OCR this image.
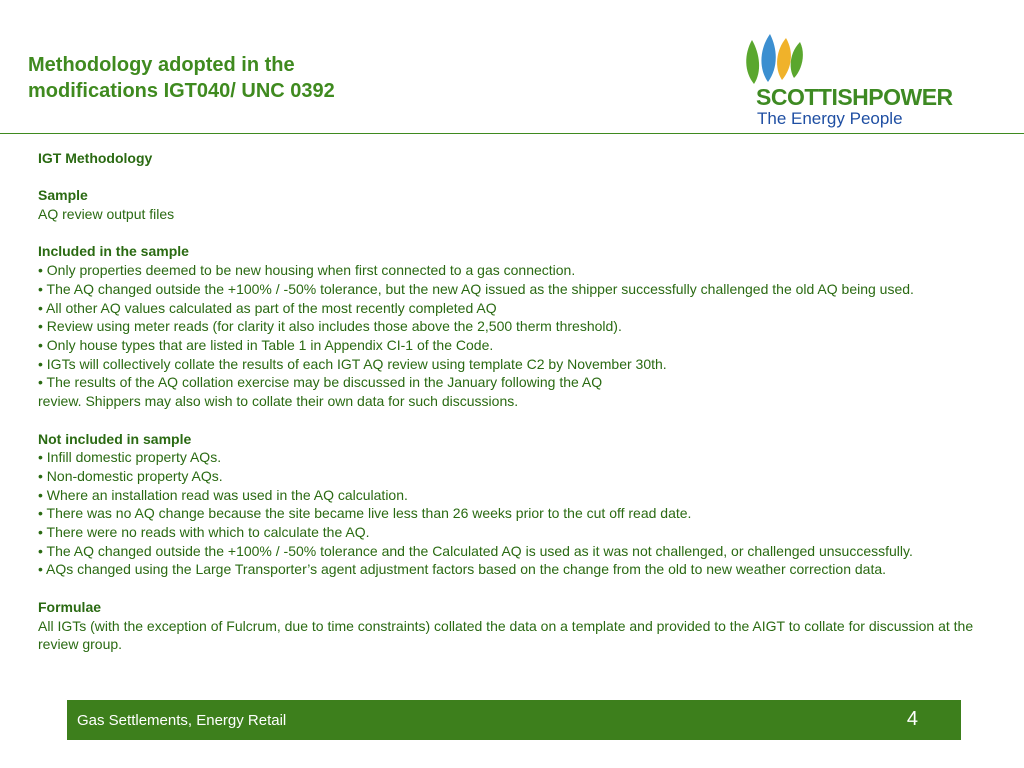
Methodology adopted in the
modifications IGT040/ UNC 0392	SCOTTISHPOWER
The Energy People

IGT Methodology

Sample

AQ review output files

Included in the sample

• Only properties deemed to be new housing when first connected to a gas connection.

• The AQ changed outside the +100% / -50% tolerance, but the new AQ issued as the shipper successfully challenged the old AQ being used.

• All other AQ values calculated as part of the most recently completed AQ

• Review using meter reads (for clarity it also includes those above the 2,500 therm threshold).

• Only house types that are listed in Table 1 in Appendix CI-1 of the Code.

• IGTs will collectively collate the results of each IGT AQ review using template C2 by November 30th.

• The results of the AQ collation exercise may be discussed in the January following the AQ

review. Shippers may also wish to collate their own data for such discussions.

Not included in sample

• Infill domestic property AQs.

• Non-domestic property AQs.

• Where an installation read was used in the AQ calculation.

• There was no AQ change because the site became live less than 26 weeks prior to the cut off read date.

• There were no reads with which to calculate the AQ.

• The AQ changed outside the +100% / -50% tolerance and the Calculated AQ is used as it was not challenged, or challenged unsuccessfully.

• AQs changed using the Large Transporter’s agent adjustment factors based on the change from the old to new weather correction data.

Formulae

All IGTs (with the exception of Fulcrum, due to time constraints) collated the data on a template and provided to the AIGT to collate for discussion at the review group.

Gas Settlements, Energy Retail	4
